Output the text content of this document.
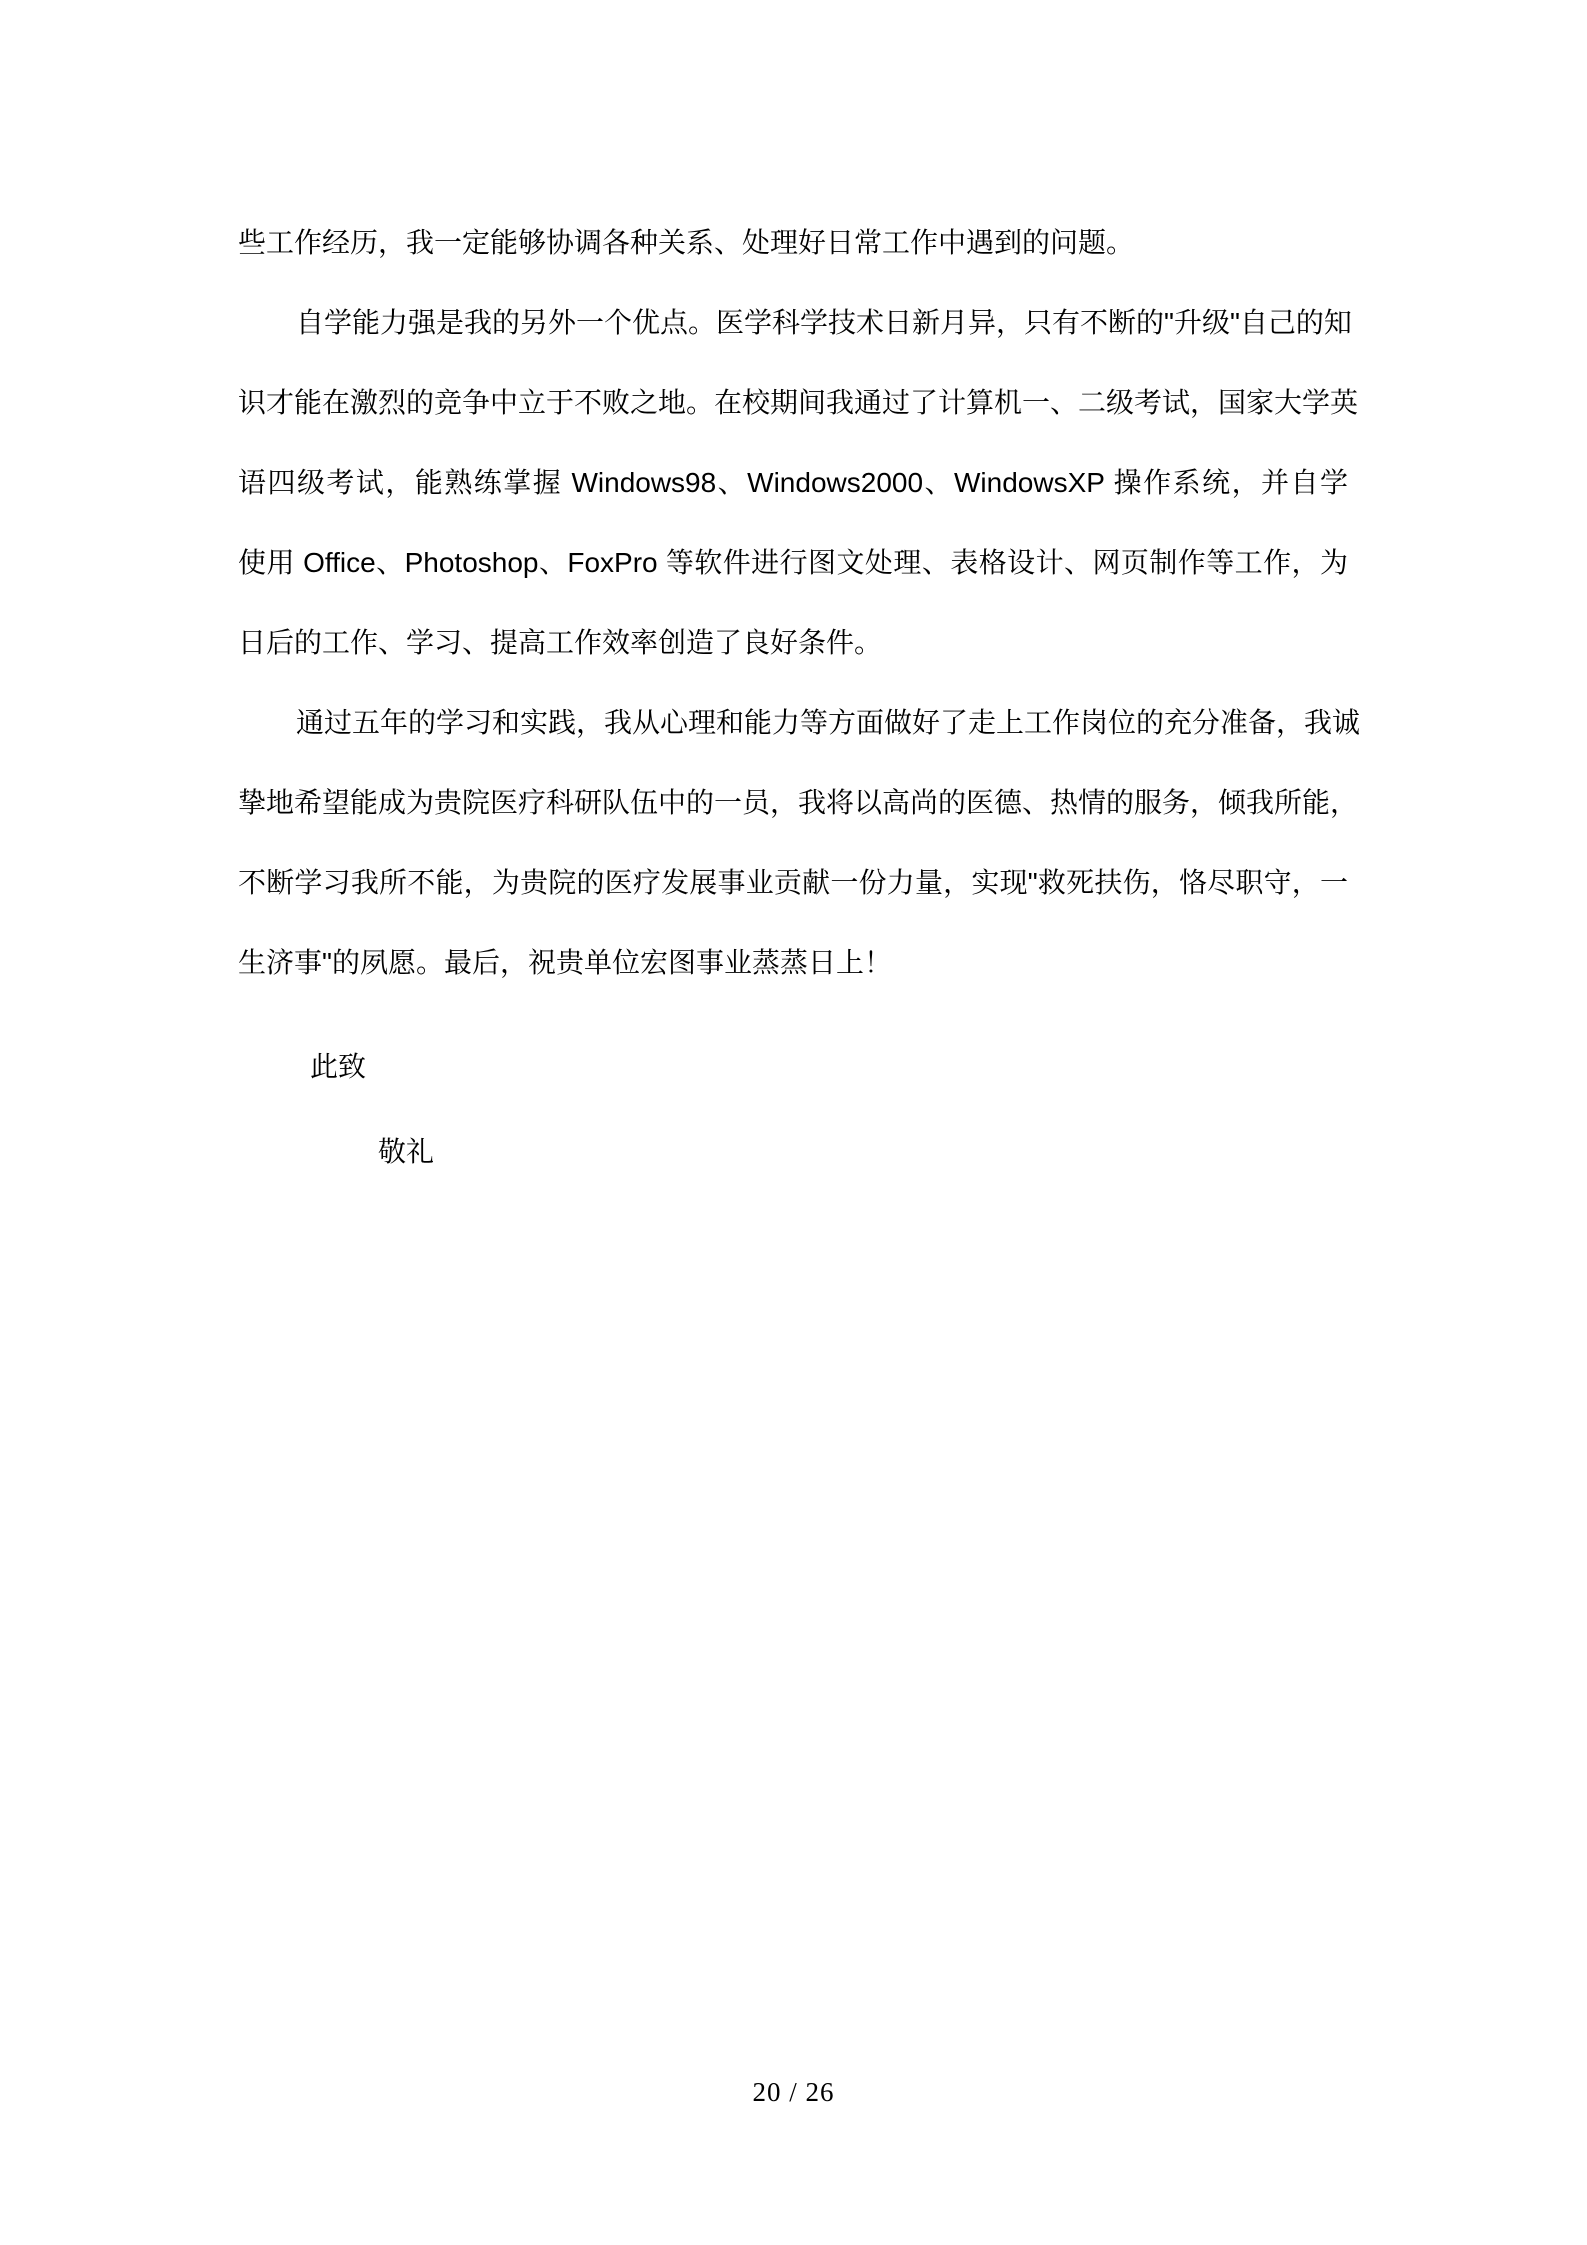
些工作经历，我一定能够协调各种关系、处理好日常工作中遇到的问题。
自学能力强是我的另外一个优点。医学科学技术日新月异，只有不断的"升级"自己的知
识才能在激烈的竞争中立于不败之地。在校期间我通过了计算机一、二级考试，国家大学英
语四级考试，能熟练掌握 Windows98、Windows2000、WindowsXP 操作系统，并自学
使用 Office、Photoshop、FoxPro 等软件进行图文处理、表格设计、网页制作等工作，为
日后的工作、学习、提高工作效率创造了良好条件。
通过五年的学习和实践，我从心理和能力等方面做好了走上工作岗位的充分准备，我诚
挚地希望能成为贵院医疗科研队伍中的一员，我将以高尚的医德、热情的服务，倾我所能，
不断学习我所不能，为贵院的医疗发展事业贡献一份力量，实现"救死扶伤，恪尽职守，一
生济事"的夙愿。最后，祝贵单位宏图事业蒸蒸日上！
此致
敬礼
20 / 26
